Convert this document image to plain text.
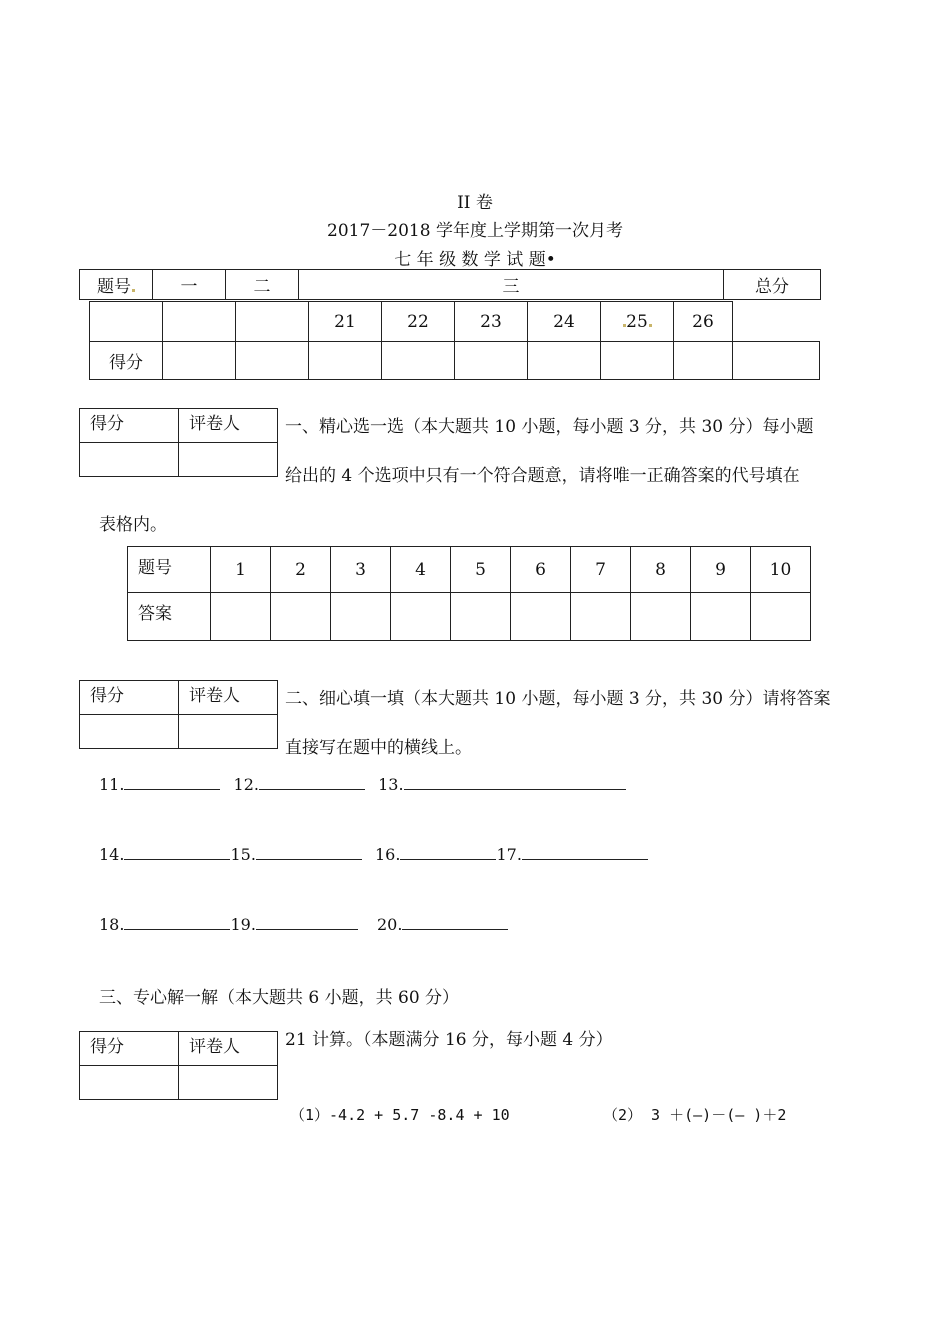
II 卷
2017－2018 学年度上学期第一次月考
七 年 级 数 学 试 题•
题号	一	二	三	总分
			21	22	23	24	25	26	
得分									
得分	评卷人
		一、精心选一选（本大题共 10 小题，每小题 3 分，共 30 分）每小题
给出的 4 个选项中只有一个符合题意，请将唯一正确答案的代号填在
表格内。
题号	1	2	3	4	5	6	7	8	9	10
答案										
得分	评卷人
		二、细心填一填（本大题共 10 小题，每小题 3 分，共 30 分）请将答案
直接写在题中的横线上。
11.	12.	13.
14.	15.	16.	17.
18.	19.	20.
三、专心解一解（本大题共 6 小题，共 60 分）
得分	评卷人
		21 计算。（本题满分 16 分，每小题 4 分）
（1）-4.2 + 5.7 -8.4 + 10	（2） 3 ＋(—)－(— )＋2
